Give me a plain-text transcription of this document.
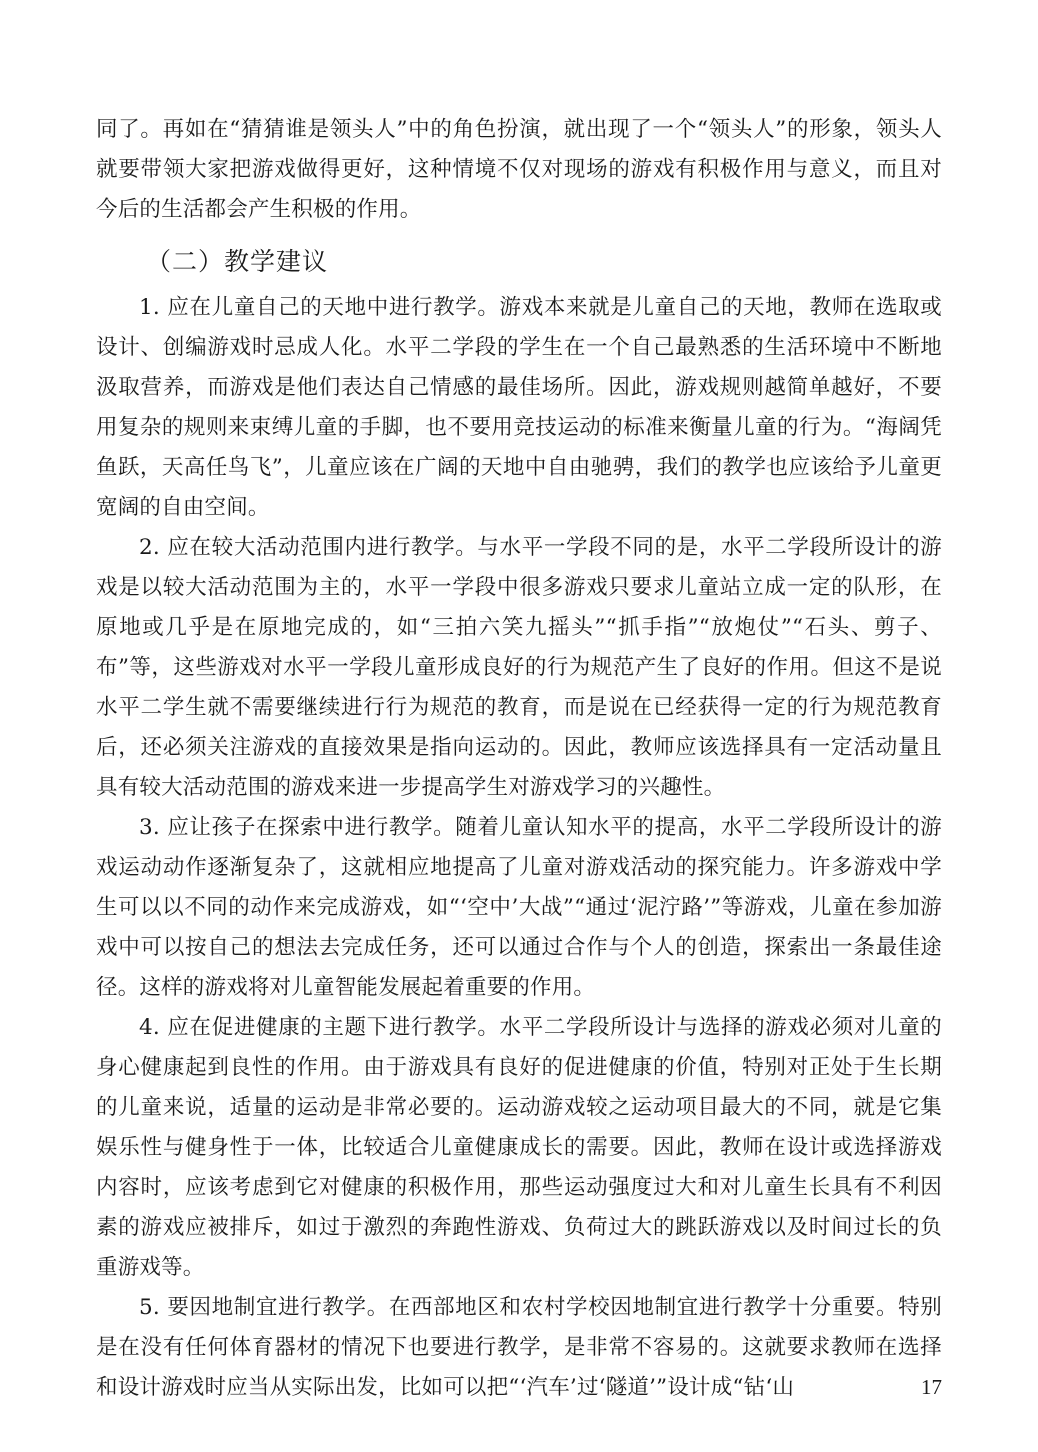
同了。再如在“猜猜谁是领头人”中的角色扮演，就出现了一个“领头人”的形象，领头人就要带领大家把游戏做得更好，这种情境不仅对现场的游戏有积极作用与意义，而且对今后的生活都会产生积极的作用。

（二）教学建议

1. 应在儿童自己的天地中进行教学。游戏本来就是儿童自己的天地，教师在选取或设计、创编游戏时忌成人化。水平二学段的学生在一个自己最熟悉的生活环境中不断地汲取营养，而游戏是他们表达自己情感的最佳场所。因此，游戏规则越简单越好，不要用复杂的规则来束缚儿童的手脚，也不要用竞技运动的标准来衡量儿童的行为。“海阔凭鱼跃，天高任鸟飞”，儿童应该在广阔的天地中自由驰骋，我们的教学也应该给予儿童更宽阔的自由空间。

2. 应在较大活动范围内进行教学。与水平一学段不同的是，水平二学段所设计的游戏是以较大活动范围为主的，水平一学段中很多游戏只要求儿童站立成一定的队形，在原地或几乎是在原地完成的，如“三拍六笑九摇头”“抓手指”“放炮仗”“石头、剪子、布”等，这些游戏对水平一学段儿童形成良好的行为规范产生了良好的作用。但这不是说水平二学生就不需要继续进行行为规范的教育，而是说在已经获得一定的行为规范教育后，还必须关注游戏的直接效果是指向运动的。因此，教师应该选择具有一定活动量且具有较大活动范围的游戏来进一步提高学生对游戏学习的兴趣性。

3. 应让孩子在探索中进行教学。随着儿童认知水平的提高，水平二学段所设计的游戏运动动作逐渐复杂了，这就相应地提高了儿童对游戏活动的探究能力。许多游戏中学生可以以不同的动作来完成游戏，如“‘空中’大战”“通过‘泥泞路’”等游戏，儿童在参加游戏中可以按自己的想法去完成任务，还可以通过合作与个人的创造，探索出一条最佳途径。这样的游戏将对儿童智能发展起着重要的作用。

4. 应在促进健康的主题下进行教学。水平二学段所设计与选择的游戏必须对儿童的身心健康起到良性的作用。由于游戏具有良好的促进健康的价值，特别对正处于生长期的儿童来说，适量的运动是非常必要的。运动游戏较之运动项目最大的不同，就是它集娱乐性与健身性于一体，比较适合儿童健康成长的需要。因此，教师在设计或选择游戏内容时，应该考虑到它对健康的积极作用，那些运动强度过大和对儿童生长具有不利因素的游戏应被排斥，如过于激烈的奔跑性游戏、负荷过大的跳跃游戏以及时间过长的负重游戏等。

5. 要因地制宜进行教学。在西部地区和农村学校因地制宜进行教学十分重要。特别是在没有任何体育器材的情况下也要进行教学，是非常不容易的。这就要求教师在选择和设计游戏时应当从实际出发，比如可以把“‘汽车’过‘隧道’”设计成“钻‘山	17
